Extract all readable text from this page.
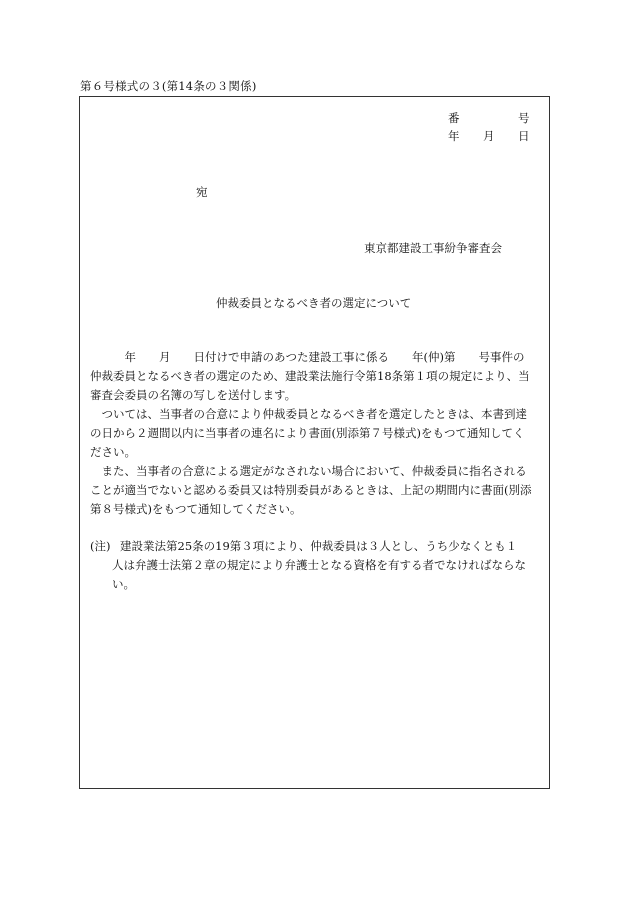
第６号様式の３(第14条の３関係)
番	号
年 月 日
宛
東京都建設工事紛争審査会
仲裁委員となるべき者の選定について
　　　年　　月　　日付けで申請のあつた建設工事に係る　　年(仲)第　　号事件の
仲裁委員となるべき者の選定のため、建設業法施行令第18条第１項の規定により、当
審査会委員の名簿の写しを送付します。
　ついては、当事者の合意により仲裁委員となるべき者を選定したときは、本書到達
の日から２週間以内に当事者の連名により書面(別添第７号様式)をもつて通知してく
ださい。
　また、当事者の合意による選定がなされない場合において、仲裁委員に指名される
ことが適当でないと認める委員又は特別委員があるときは、上記の期間内に書面(別添
第８号様式)をもつて通知してください。
(注) 建設業法第25条の19第３項により、仲裁委員は３人とし、うち少なくとも１
人は弁護士法第２章の規定により弁護士となる資格を有する者でなければならな
い。
